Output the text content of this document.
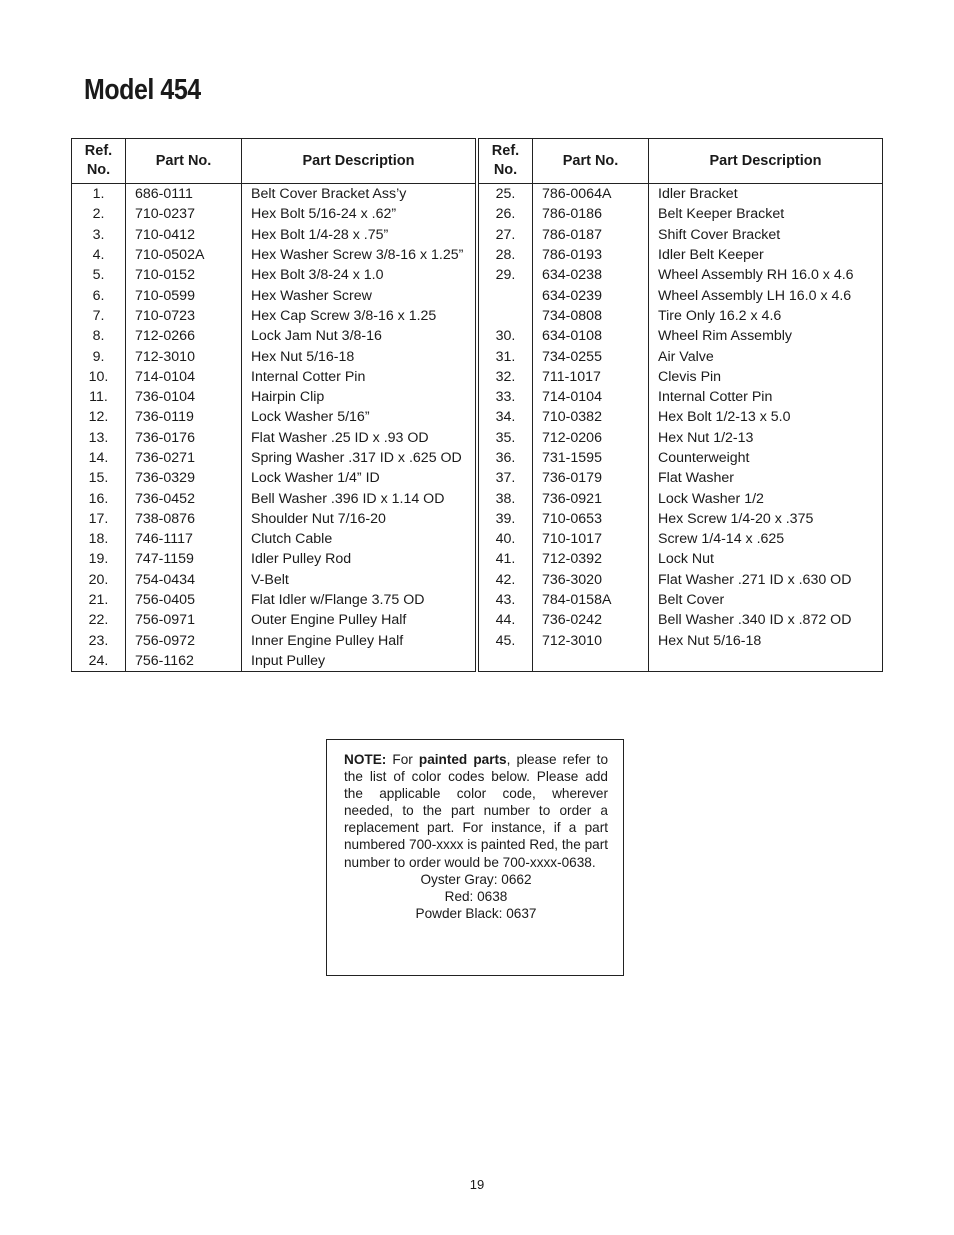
Model 454
Ref.
No.	Part No.	Part Description
1.	686-0111	Belt Cover Bracket Ass’y
2.	710-0237	Hex Bolt 5/16-24 x .62”
3.	710-0412	Hex Bolt 1/4-28 x .75”
4.	710-0502A	Hex Washer Screw 3/8-16 x 1.25”
5.	710-0152	Hex Bolt 3/8-24 x 1.0
6.	710-0599	Hex Washer Screw
7.	710-0723	Hex Cap Screw 3/8-16 x 1.25
8.	712-0266	Lock Jam Nut 3/8-16
9.	712-3010	Hex Nut 5/16-18
10.	714-0104	Internal Cotter Pin
11.	736-0104	Hairpin Clip
12.	736-0119	Lock Washer 5/16”
13.	736-0176	Flat Washer .25 ID x .93 OD
14.	736-0271	Spring Washer .317 ID x .625 OD
15.	736-0329	Lock Washer 1/4” ID
16.	736-0452	Bell Washer .396 ID x 1.14 OD
17.	738-0876	Shoulder Nut 7/16-20
18.	746-1117	Clutch Cable
19.	747-1159	Idler Pulley Rod
20.	754-0434	V-Belt
21.	756-0405	Flat Idler w/Flange 3.75 OD
22.	756-0971	Outer Engine Pulley Half
23.	756-0972	Inner Engine Pulley Half
24.	756-1162	Input Pulley
Ref.
No.	Part No.	Part Description
25.	786-0064A	Idler Bracket
26.	786-0186	Belt Keeper Bracket
27.	786-0187	Shift Cover Bracket
28.	786-0193	Idler Belt Keeper
29.	634-0238	Wheel Assembly RH 16.0 x 4.6
	634-0239	Wheel Assembly LH 16.0 x 4.6
	734-0808	Tire Only 16.2 x 4.6
30.	634-0108	Wheel Rim Assembly
31.	734-0255	Air Valve
32.	711-1017	Clevis Pin
33.	714-0104	Internal Cotter Pin
34.	710-0382	Hex Bolt 1/2-13 x 5.0
35.	712-0206	Hex Nut 1/2-13
36.	731-1595	Counterweight
37.	736-0179	Flat Washer
38.	736-0921	Lock Washer 1/2
39.	710-0653	Hex Screw 1/4-20 x .375
40.	710-1017	Screw 1/4-14 x .625
41.	712-0392	Lock Nut
42.	736-3020	Flat Washer .271 ID x .630 OD
43.	784-0158A	Belt Cover
44.	736-0242	Bell Washer .340 ID x .872 OD
45.	712-3010	Hex Nut 5/16-18

NOTE: For painted parts, please refer to the list of color codes below. Please add the applicable color code, wherever needed, to the part number to order a replacement part. For instance, if a part numbered 700-xxxx is painted Red, the part number to order would be 700-xxxx-0638.

Oyster Gray: 0662
Red: 0638
Powder Black: 0637
19
